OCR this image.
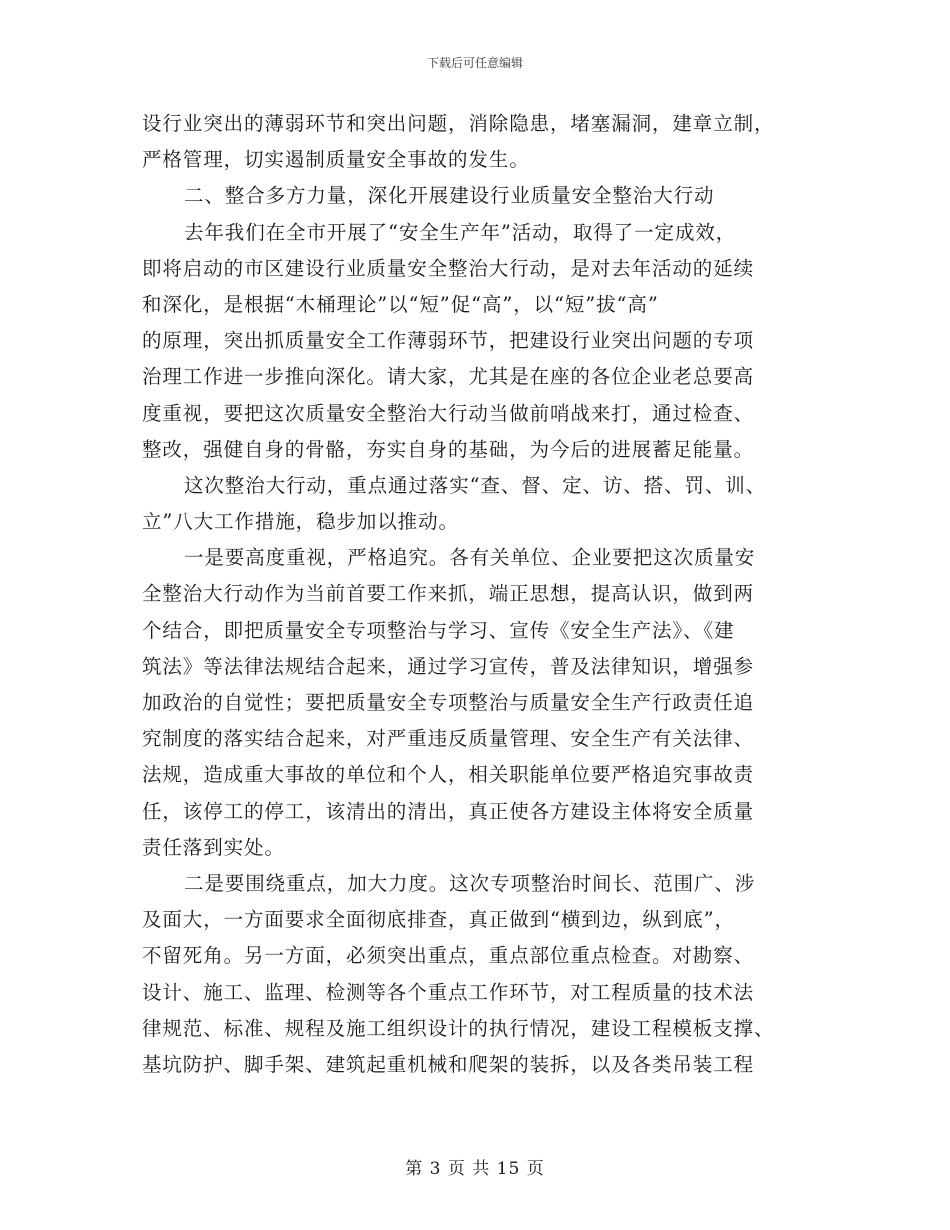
下载后可任意编辑
设行业突出的薄弱环节和突出问题，消除隐患，堵塞漏洞，建章立制，
严格管理，切实遏制质量安全事故的发生。
二、整合多方力量，深化开展建设行业质量安全整治大行动
去年我们在全市开展了“安全生产年”活动，取得了一定成效，
即将启动的市区建设行业质量安全整治大行动，是对去年活动的延续
和深化，是根据“木桶理论”以“短”促“高”，以“短”拔“高”
的原理，突出抓质量安全工作薄弱环节，把建设行业突出问题的专项
治理工作进一步推向深化。请大家，尤其是在座的各位企业老总要高
度重视，要把这次质量安全整治大行动当做前哨战来打，通过检查、
整改，强健自身的骨骼，夯实自身的基础，为今后的进展蓄足能量。
这次整治大行动，重点通过落实“查、督、定、访、搭、罚、训、
立”八大工作措施，稳步加以推动。
一是要高度重视，严格追究。各有关单位、企业要把这次质量安
全整治大行动作为当前首要工作来抓，端正思想，提高认识，做到两
个结合，即把质量安全专项整治与学习、宣传《安全生产法》、《建
筑法》等法律法规结合起来，通过学习宣传，普及法律知识，增强参
加政治的自觉性；要把质量安全专项整治与质量安全生产行政责任追
究制度的落实结合起来，对严重违反质量管理、安全生产有关法律、
法规，造成重大事故的单位和个人，相关职能单位要严格追究事故责
任，该停工的停工，该清出的清出，真正使各方建设主体将安全质量
责任落到实处。
二是要围绕重点，加大力度。这次专项整治时间长、范围广、涉
及面大，一方面要求全面彻底排查，真正做到“横到边，纵到底”，
不留死角。另一方面，必须突出重点，重点部位重点检查。对勘察、
设计、施工、监理、检测等各个重点工作环节，对工程质量的技术法
律规范、标准、规程及施工组织设计的执行情况，建设工程模板支撑、
基坑防护、脚手架、建筑起重机械和爬架的装拆，以及各类吊装工程
第 3 页 共 15 页
